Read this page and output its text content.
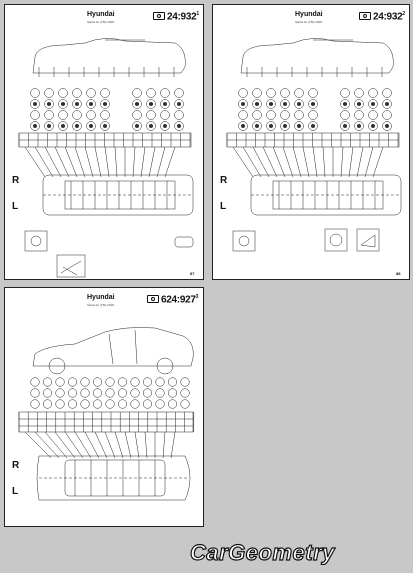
Hyundai
Santa Fe (TM) 2018 -	$24:932^1$
R
L
87
Hyundai
Santa Fe (TM) 2018 -	$24:932^2$
R
L
88
Hyundai
Santa Fe (TM) 2018 -	$624:927^3$
R
L
CarGeometry
